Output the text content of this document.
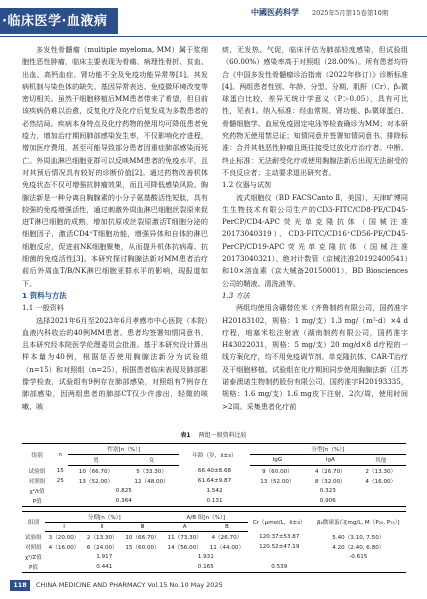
·临床医学·血液病
中國医药科学 2025年5月第15卷第10期

多发性骨髓瘤（multiple myeloma, MM）属于浆细胞性恶性肿瘤，临床主要表现为骨痛、病理性骨折、贫血、出血、高钙血症、肾功能不全及免疫功能异常等[1]。其发病机制与染色体的缺失、基因异常表达、免疫微环境改变等密切相关。虽然干细胞移植后MM患者带来了希望，但目前该疾病仍难以治愈，反复化疗及化疗后复发成为多数患者的必然结局。疾病本身特点及化疗药物的使用均可降低患者免疫力，增加治疗期间肺部感染发生率，不仅影响化疗进程，增加医疗费用，甚至可能导致部分患者因重症肺部感染而死亡。外周血淋巴细胞亚群可以反映MM患者的免疫水平，且对其预后情况具有较好的诊断价值[2]。通过药物改善机体免疫状态不仅可增强抗肿瘤效果，而且可降低感染风险。胸腺法新是一种分离自胸腺素的小分子氨基酸活性短肽，具有较强的免疫增强活性，通过刺激外周血淋巴细胞丝裂原来促进T淋巴细胞的成熟，增加抗原或丝裂原激活T细胞分泌的细胞因子，激活CD4⁺T细胞功能，增强异体和自体的淋巴细胞反应，促进前NK细胞聚集，从而提升机体抗病毒、抗细菌的免疫活性[3]。本研究探讨胸腺法新对MM患者治疗前后外周血T/B/NK淋巴细胞亚群水平的影响，现报道如下。

1 资料与方法

1.1 一般资料

选择2021年6月至2023年6月孝感市中心医院（本院）血液内科收治的40例MM患者。患者均签署知情同意书，且本研究经本院医学伦理委员会批准。基于本研究设计算出样本量为40例，根据是否使用胸腺法新分为试验组（n=15）和对照组（n=25），根据患者临床表现及肺部影像学检查，试验组有9例存在肺部感染，对照组有7例存在肺部感染，因两组患者的肺部CT仅少许渗出，轻微的咳嗽、咳

痰，无发热、气促，临床评估为肺部轻度感染，但试验组（60.00%）感染率高于对照组（28.00%）。所有患者均符合《中国多发性骨髓瘤诊治指南（2022年修订）》诊断标准[4]。两组患者性别、年龄、分型、分期、肌酐（Cr）、β₂微球蛋白比较，差异无统计学意义（P＞0.05），具有可比性，见表1。纳入标准：经血常规、肾功能、β₂微球蛋白、骨髓细胞学、血尿免疫固定电泳等检查确诊为MM；对本研究药物无使用禁忌证；知情同意并签署知情同意书。排除标准：合并其他恶性肿瘤且既往接受过放化疗治疗者。中断、终止标准：无法耐受化疗或使用胸腺法新后出现无法耐受的不良反应者；主动要求退出研究者。

1.2 仪器与试剂

流式细胞仪（BD FACSCanto Ⅱ，美国），天津旷博同生生物技术有限公司生产的CD3-FITC/CD8-PE/CD45-PerCP/CD4-APC荧光单克隆抗体（国械注准20173040319）、CD3-FITC/CD16⁺CD56-PE/CD45-PerCP/CD19-APC荧光单克隆抗体（国械注准20173040321）、绝对计数管（京械注准20192400541）和10×溶血素（京大械备20150001），BD Biosciences公司的鞘液、清洗液等。

1.3 方法

两组均使用含硼替佐米（齐鲁制药有限公司，国药准字H20183102，规格：1 mg/支）1.3 mg/（m²·d）×4 d疗程，地塞米松注射液（湖南制药有限公司，国药准字H43022031，规格：5 mg/支）20 mg/d×8 d疗程的一线方案化疗，均不用免疫调节剂、单克隆抗体、CAR-T治疗及干细胞移植。试验组在化疗期间同步使用胸腺法新（江苏诺泰澳诺生物制药股份有限公司，国药准字H20193335，规格：1.6 mg/支）1.6 mg皮下注射，2次/周，使用时间>2周。采集患者化疗前

表1 两组一般资料比较
组别	n	性别[n（%）]		年龄（岁，x̄±s）	分型[n（%）]		
		男	女		IgG	IgA	其他
试验组	15	10（66.70）	5（33.30）	66.40±8.68	9（60.00）	4（26.70）	2（13.30）
对照组	25	13（52.00）	12（48.00）	61.64±9.87	13（52.00）	8（32.00）	4（16.00）
χ²/t值		0.825		1.542	0.323		
P值		0.364		0.131	0.906		
组别	分期[n（%）]			A/B 组[n（%）]		Cr（μmol/L，x̄±s）	β₂微球蛋白[mg/L, M（P₂₅, P₇₅）]
	Ⅰ	Ⅱ	Ⅲ	A	B		
试验组	3（20.00）	2（13.30）	10（66.70）	11（73.30）	4（26.70）	120.37±53.87	5.40（3.10, 7.50）
对照组	4（16.00）	6（24.00）	15（60.00）	14（56.00）	11（44.00）	120.52±47.19	4.20（2.40, 6.80）
χ²/Z值	1.917			1.931			-0.615
P值	0.441			0.165		0.539	
118	CHINA MEDICINE AND PHARMACY Vol.15 No.10 May 2025
